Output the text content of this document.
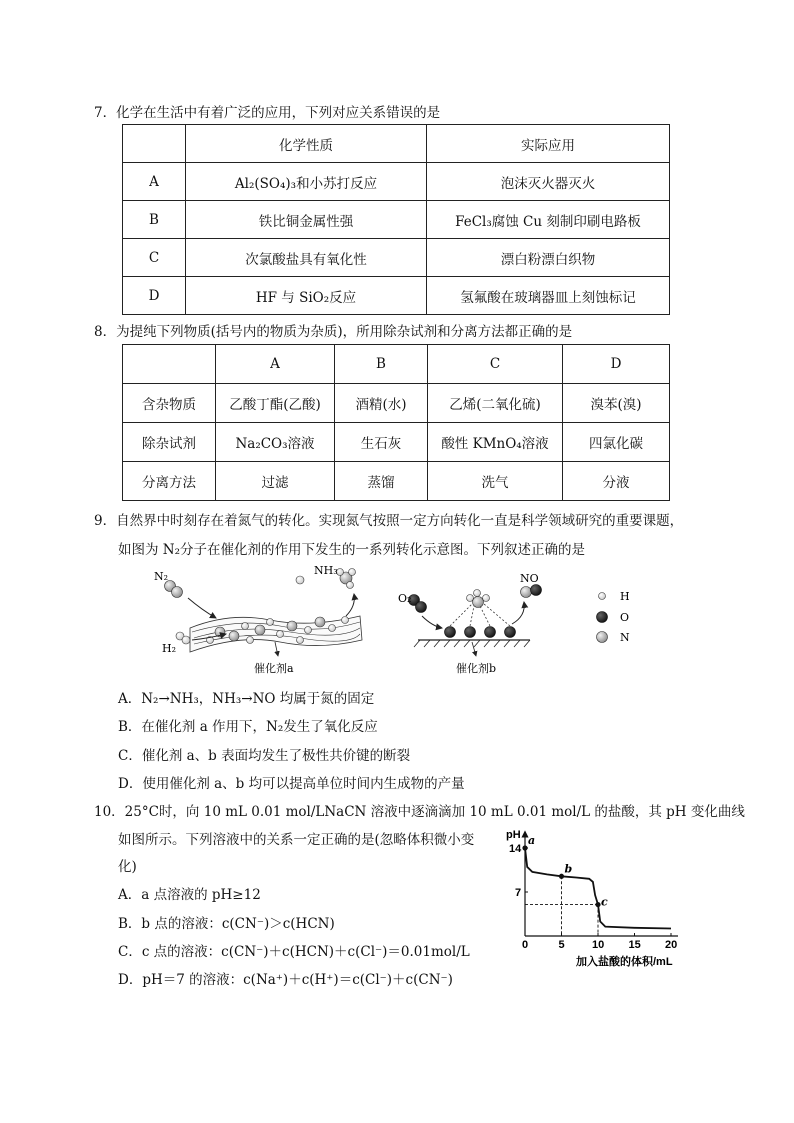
7．化学在生活中有着广泛的应用，下列对应关系错误的是
	化学性质	实际应用
A	Al₂(SO₄)₃和小苏打反应	泡沫灭火器灭火
B	铁比铜金属性强	FeCl₃腐蚀 Cu 刻制印刷电路板
C	次氯酸盐具有氧化性	漂白粉漂白织物
D	HF 与 SiO₂反应	氢氟酸在玻璃器皿上刻蚀标记
8．为提纯下列物质(括号内的物质为杂质)，所用除杂试剂和分离方法都正确的是
	A	B	C	D
含杂物质	乙酸丁酯(乙酸)	酒精(水)	乙烯(二氧化硫)	溴苯(溴)
除杂试剂	Na₂CO₃溶液	生石灰	酸性 KMnO₄溶液	四氯化碳
分离方法	过滤	蒸馏	洗气	分液
9．自然界中时刻存在着氮气的转化。实现氮气按照一定方向转化一直是科学领域研究的重要课题，
如图为 N₂分子在催化剂的作用下发生的一系列转化示意图。下列叙述正确的是
N₂
H₂
NH₃
催化剂a
O₂
NO
催化剂b
H
O
N
A．N₂→NH₃，NH₃→NO 均属于氮的固定
B．在催化剂 a 作用下，N₂发生了氧化反应
C．催化剂 a、b 表面均发生了极性共价键的断裂
D．使用催化剂 a、b 均可以提高单位时间内生成物的产量
10．25°C时，向 10 mL 0.01 mol/LNaCN 溶液中逐滴滴加 10 mL 0.01 mol/L 的盐酸，其 pH 变化曲线
如图所示。下列溶液中的关系一定正确的是(忽略体积微小变
化)
A．a 点溶液的 pH≥12
B．b 点的溶液：c(CN⁻)＞c(HCN)
C．c 点的溶液：c(CN⁻)＋c(HCN)＋c(Cl⁻)＝0.01mol/L
D．pH＝7 的溶液：c(Na⁺)＋c(H⁺)＝c(Cl⁻)＋c(CN⁻)
pH
加入盐酸的体积/mL
0	5 10 15 20
7
14
a
b
c
